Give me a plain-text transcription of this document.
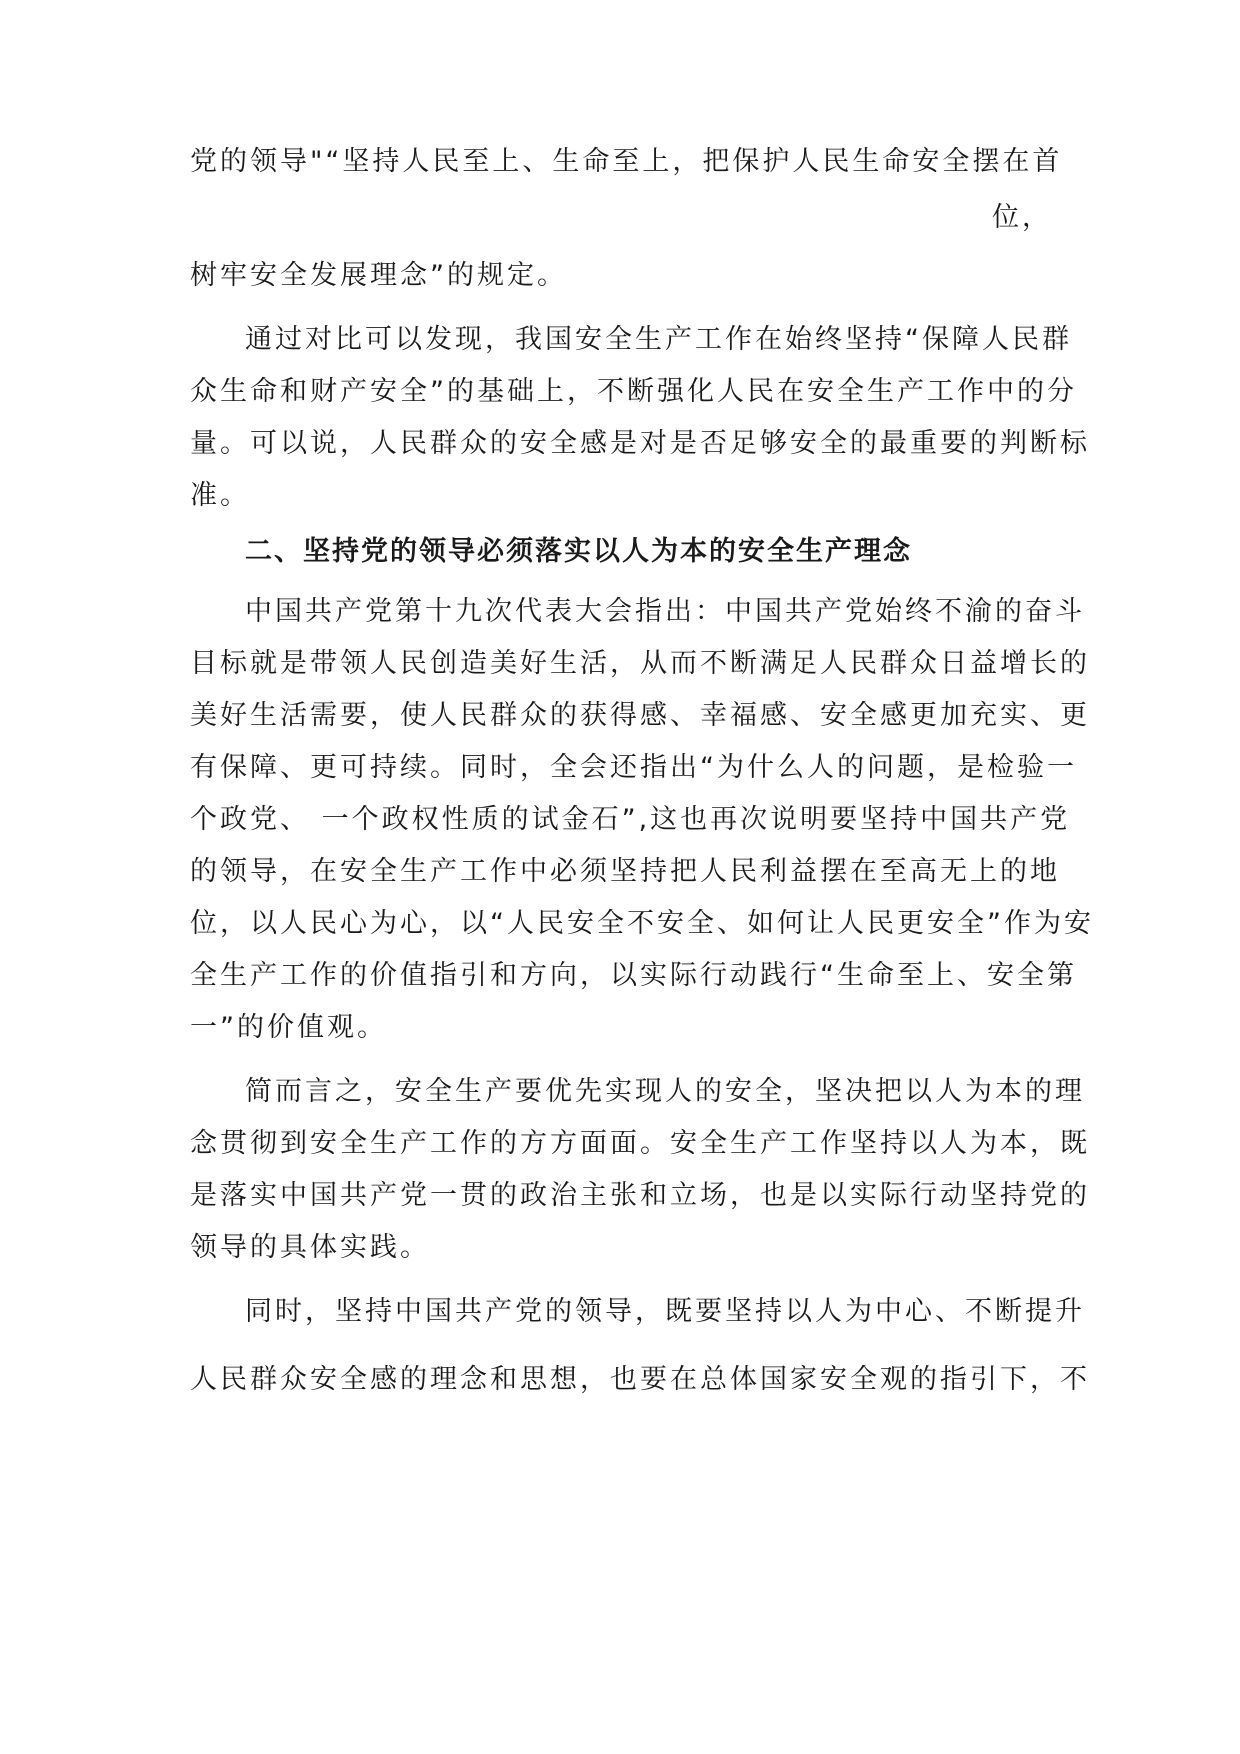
党的领导"“坚持人民至上、生命至上，把保护人民生命安全摆在首

位，

树牢安全发展理念”的规定。

通过对比可以发现，我国安全生产工作在始终坚持“保障人民群

众生命和财产安全”的基础上，不断强化人民在安全生产工作中的分

量。可以说，人民群众的安全感是对是否足够安全的最重要的判断标

准。

二、坚持党的领导必须落实以人为本的安全生产理念

中国共产党第十九次代表大会指出：中国共产党始终不渝的奋斗

目标就是带领人民创造美好生活，从而不断满足人民群众日益增长的

美好生活需要，使人民群众的获得感、幸福感、安全感更加充实、更

有保障、更可持续。同时，全会还指出“为什么人的问题，是检验一

个政党、 一个政权性质的试金石”,这也再次说明要坚持中国共产党

的领导，在安全生产工作中必须坚持把人民利益摆在至高无上的地

位，以人民心为心，以“人民安全不安全、如何让人民更安全”作为安

全生产工作的价值指引和方向，以实际行动践行“生命至上、安全第

一”的价值观。

简而言之，安全生产要优先实现人的安全，坚决把以人为本的理

念贯彻到安全生产工作的方方面面。安全生产工作坚持以人为本，既

是落实中国共产党一贯的政治主张和立场，也是以实际行动坚持党的

领导的具体实践。

同时，坚持中国共产党的领导，既要坚持以人为中心、不断提升

人民群众安全感的理念和思想，也要在总体国家安全观的指引下，不
